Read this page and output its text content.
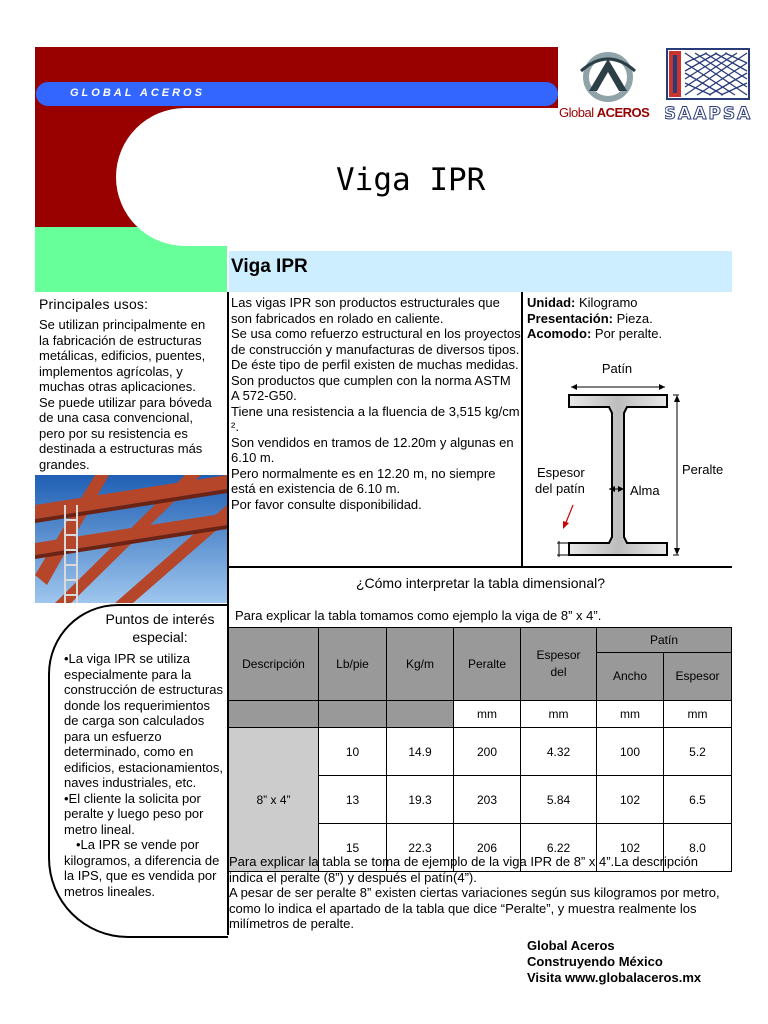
GLOBAL ACEROS
Global ACEROS SAAPSA
Viga IPR
Viga IPR
Principales usos:
Se utilizan principalmente en la fabricación de estructuras metálicas, edificios, puentes, implementos agrícolas, y muchas otras aplicaciones. Se puede utilizar para bóveda de una casa convencional, pero por su resistencia es destinada a estructuras más grandes.
Puntos de interés especial:
•La viga IPR se utiliza especialmente para la construcción de estructuras donde los requerimientos de carga son calculados para un esfuerzo determinado, como en edificios, estacionamientos, naves industriales, etc.
•El cliente la solicita por peralte y luego peso por metro lineal.
•La IPR se vende por kilogramos, a diferencia de la IPS, que es vendida por metros lineales.
Las vigas IPR son productos estructurales que son fabricados en rolado en caliente.
Se usa como refuerzo estructural en los proyectos de construcción y manufacturas de diversos tipos.
De éste tipo de perfil existen de muchas medidas.
Son productos que cumplen con la norma ASTM A 572-G50.
Tiene una resistencia a la fluencia de 3,515 kg/cm ².
Son vendidos en tramos de 12.20m y algunas en 6.10 m.
Pero normalmente es en 12.20 m, no siempre está en existencia de 6.10 m.
Por favor consulte disponibilidad.
Unidad: Kilogramo
Presentación: Pieza.
Acomodo: Por peralte.
Patín
Peralte
Espesor
del patín	Alma
¿Cómo interpretar la tabla dimensional?
Para explicar la tabla tomamos como ejemplo la viga de 8” x 4”.
Descripción	Lb/pie	Kg/m	Peralte	Espesor
del	Patín	
					Ancho	Espesor
			mm	mm	mm	mm
8” x 4”	10	14.9	200	4.32	100	5.2
	13	19.3	203	5.84	102	6.5
	15	22.3	206	6.22	102	8.0
Para explicar la tabla se toma de ejemplo de la viga IPR de 8” x 4”.La descripción indica el peralte (8”) y después el patín(4”).
A pesar de ser peralte 8” existen ciertas variaciones según sus kilogramos por metro, como lo indica el apartado de la tabla que dice “Peralte”, y muestra realmente los milímetros de peralte.
Global Aceros
Construyendo México
Visita www.globalaceros.mx
